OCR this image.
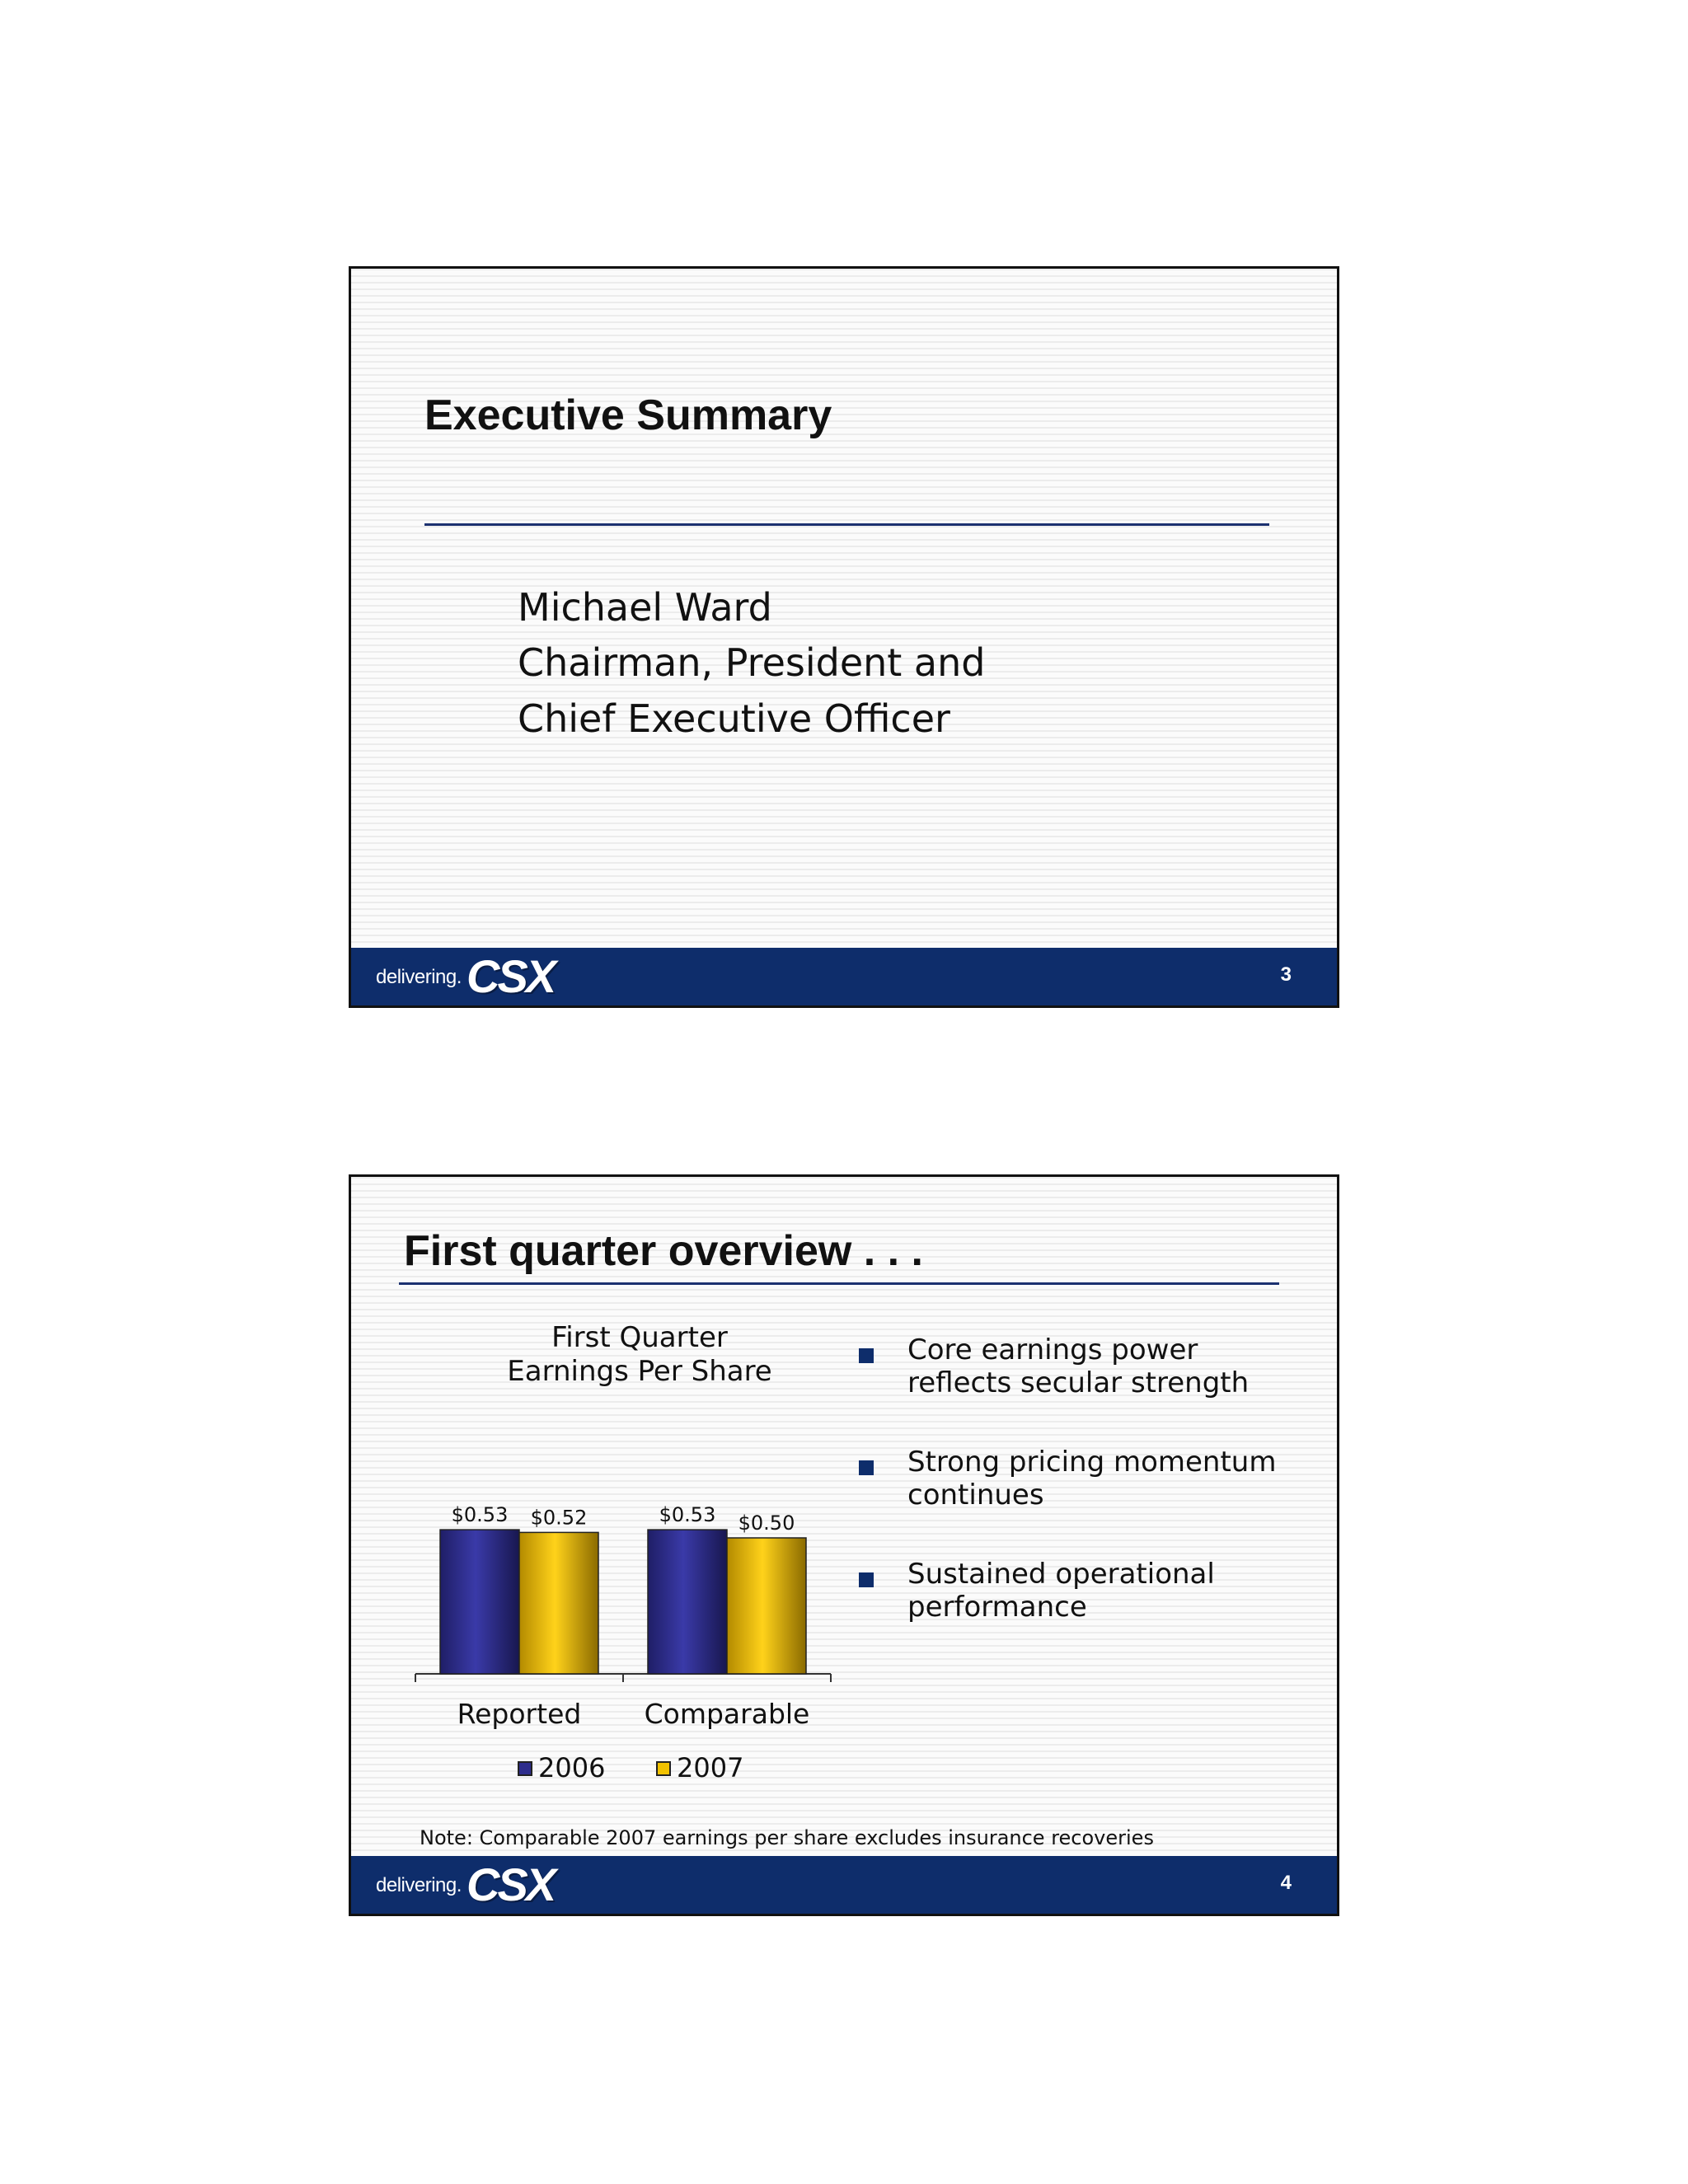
Executive Summary
Michael Ward
Chairman, President and
Chief Executive Officer
delivering. CSX	3
First quarter overview . . .
First Quarter
Earnings Per Share
$0.53 $0.52
Reported
$0.53 $0.50
Comparable
Core earnings power
reflects secular strength
Strong pricing momentum
continues
Sustained operational
performance
2006	2007
Note: Comparable 2007 earnings per share excludes insurance recoveries
delivering. CSX	4
